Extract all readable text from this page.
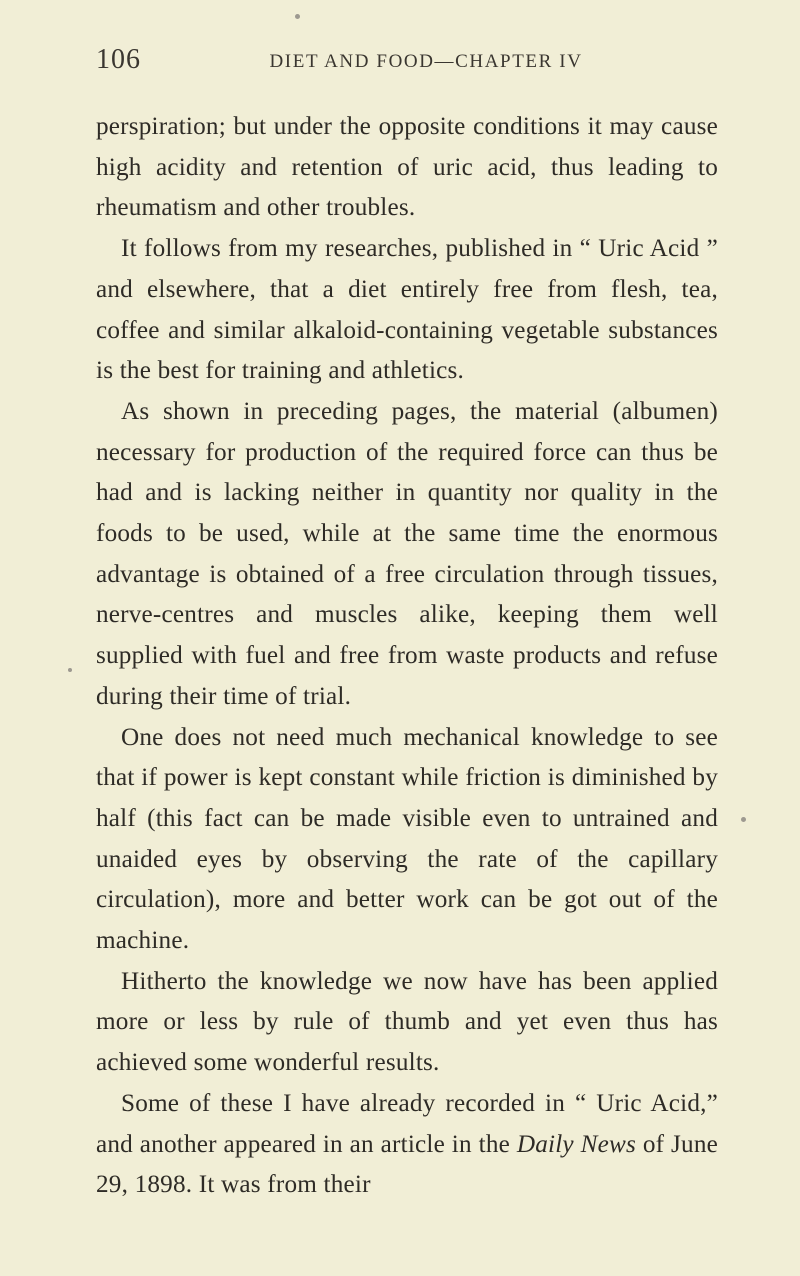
106	DIET AND FOOD—CHAPTER IV

perspiration; but under the opposite conditions it may cause high acidity and retention of uric acid, thus leading to rheumatism and other troubles.

It follows from my researches, published in “ Uric Acid ” and elsewhere, that a diet entirely free from flesh, tea, coffee and similar alkaloid-containing vegetable substances is the best for training and athletics.

As shown in preceding pages, the material (albumen) necessary for production of the required force can thus be had and is lacking neither in quantity nor quality in the foods to be used, while at the same time the enormous advantage is obtained of a free circulation through tissues, nerve-centres and muscles alike, keeping them well supplied with fuel and free from waste products and refuse during their time of trial.

One does not need much mechanical knowledge to see that if power is kept constant while friction is diminished by half (this fact can be made visible even to untrained and unaided eyes by observing the rate of the capillary circulation), more and better work can be got out of the machine.

Hitherto the knowledge we now have has been applied more or less by rule of thumb and yet even thus has achieved some wonderful results.

Some of these I have already recorded in “ Uric Acid,” and another appeared in an article in the Daily News of June 29, 1898. It was from their
